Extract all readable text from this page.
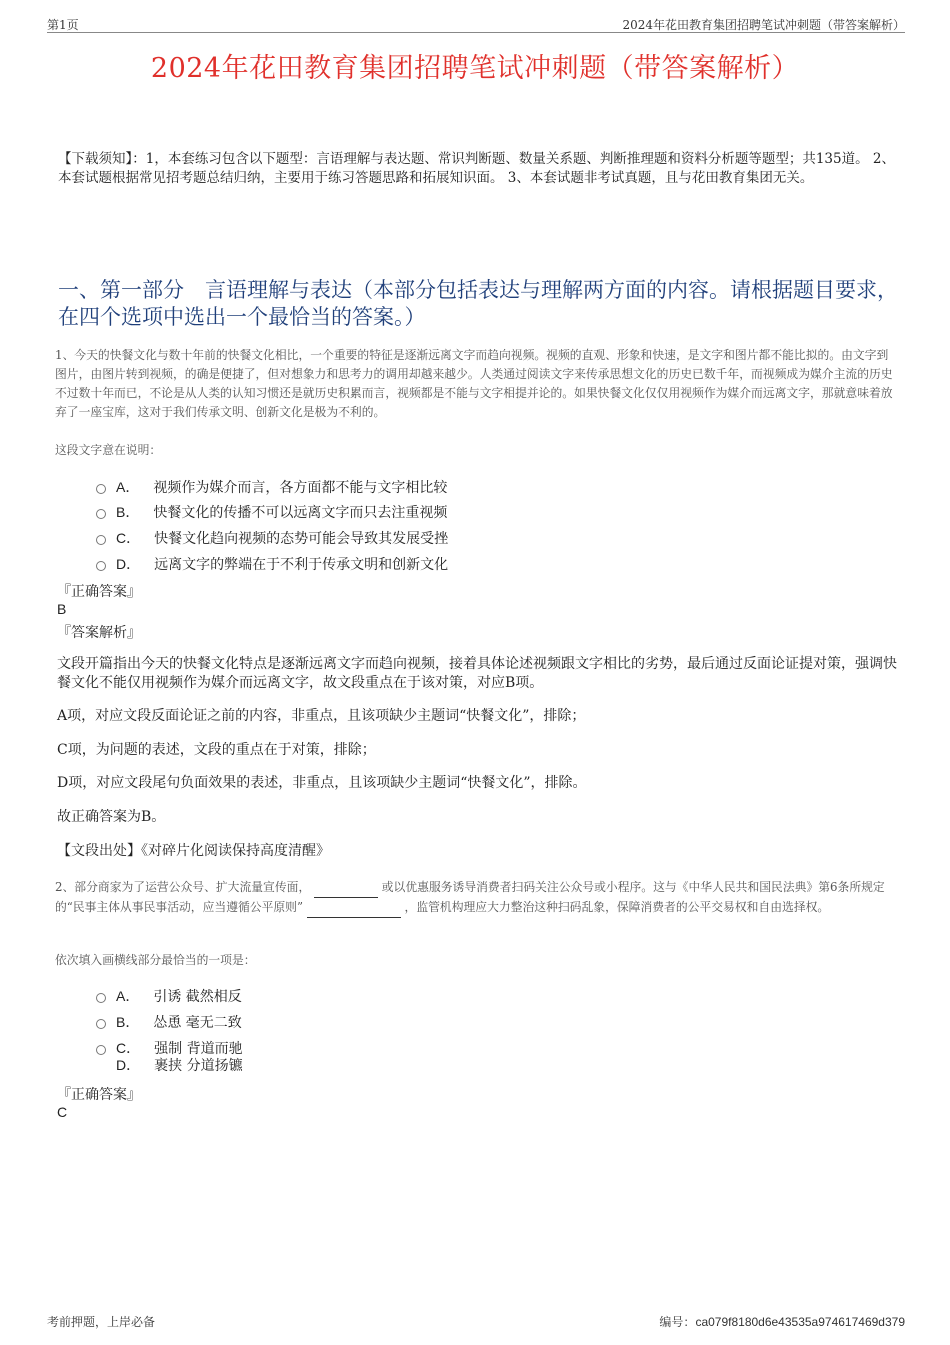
第1页	2024年花田教育集团招聘笔试冲刺题（带答案解析）
2024年花田教育集团招聘笔试冲刺题（带答案解析）
【下载须知】：1，本套练习包含以下题型：言语理解与表达题、常识判断题、数量关系题、判断推理题和资料分析题等题型；共135道。 2、本套试题根据常见招考题总结归纳，主要用于练习答题思路和拓展知识面。 3、本套试题非考试真题，且与花田教育集团无关。
一、第一部分　言语理解与表达（本部分包括表达与理解两方面的内容。请根据题目要求，在四个选项中选出一个最恰当的答案。）
1、今天的快餐文化与数十年前的快餐文化相比，一个重要的特征是逐渐远离文字而趋向视频。视频的直观、形象和快速，是文字和图片都不能比拟的。由文字到图片，由图片转到视频，的确是便捷了，但对想象力和思考力的调用却越来越少。人类通过阅读文字来传承思想文化的历史已数千年，而视频成为媒介主流的历史不过数十年而已，不论是从人类的认知习惯还是就历史积累而言，视频都是不能与文字相提并论的。如果快餐文化仅仅用视频作为媒介而远离文字，那就意味着放弃了一座宝库，这对于我们传承文明、创新文化是极为不利的。
这段文字意在说明：
A． 视频作为媒介而言，各方面都不能与文字相比较
B． 快餐文化的传播不可以远离文字而只去注重视频
C． 快餐文化趋向视频的态势可能会导致其发展受挫
D． 远离文字的弊端在于不利于传承文明和创新文化
『正确答案』
B
『答案解析』
文段开篇指出今天的快餐文化特点是逐渐远离文字而趋向视频，接着具体论述视频跟文字相比的劣势，最后通过反面论证提对策，强调快餐文化不能仅用视频作为媒介而远离文字，故文段重点在于该对策，对应B项。
A项，对应文段反面论证之前的内容，非重点，且该项缺少主题词“快餐文化”，排除；
C项，为问题的表述，文段的重点在于对策，排除；
D项，对应文段尾句负面效果的表述，非重点，且该项缺少主题词“快餐文化”，排除。
故正确答案为B。
【文段出处】《对碎片化阅读保持高度清醒》
2、部分商家为了运营公众号、扩大流量宣传面，	或以优惠服务诱导消费者扫码关注公众号或小程序。这与《中华人民共和国民法典》第6条所规定的“民事主体从事民事活动，应当遵循公平原则”	，监管机构理应大力整治这种扫码乱象，保障消费者的公平交易权和自由选择权。
依次填入画横线部分最恰当的一项是：
A． 引诱 截然相反
B． 怂恿 毫无二致
C． 强制 背道而驰
D． 裹挟 分道扬镳
『正确答案』
C
考前押题，上岸必备	编号：ca079f8180d6e43535a974617469d379
